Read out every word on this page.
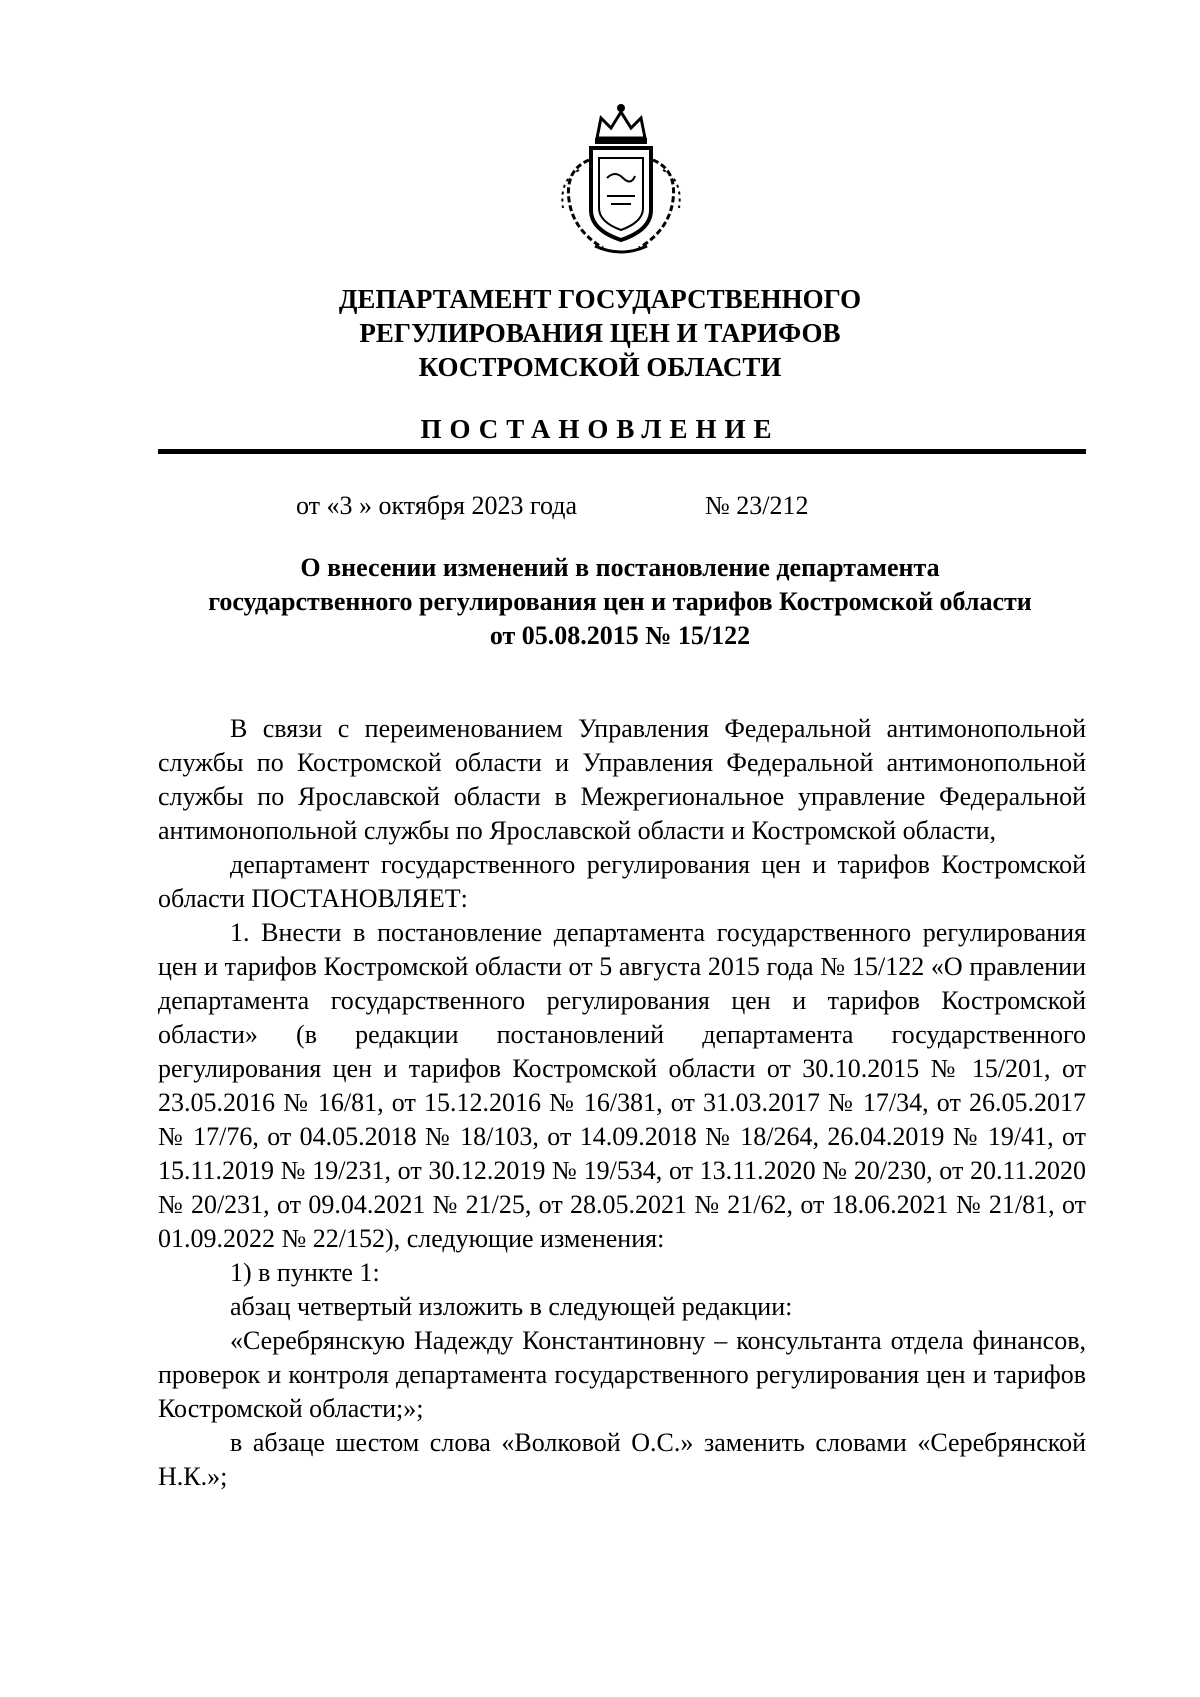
ДЕПАРТАМЕНТ ГОСУДАРСТВЕННОГО
РЕГУЛИРОВАНИЯ ЦЕН И ТАРИФОВ
КОСТРОМСКОЙ ОБЛАСТИ
ПОСТАНОВЛЕНИЕ
от «3 » октября 2023 года	№ 23/212
О внесении изменений в постановление департамента
государственного регулирования цен и тарифов Костромской области
от 05.08.2015 № 15/122

В связи с переименованием Управления Федеральной антимонопольной службы по Костромской области и Управления Федеральной антимонопольной службы по Ярославской области в Межрегиональное управление Федеральной антимонопольной службы по Ярославской области и Костромской области,

департамент государственного регулирования цен и тарифов Костромской области ПОСТАНОВЛЯЕТ:

1. Внести в постановление департамента государственного регулирования цен и тарифов Костромской области от 5 августа 2015 года № 15/122 «О правлении департамента государственного регулирования цен и тарифов Костромской области» (в редакции постановлений департамента государственного регулирования цен и тарифов Костромской области от 30.10.2015 № 15/201, от 23.05.2016 № 16/81, от 15.12.2016 № 16/381, от 31.03.2017 № 17/34, от 26.05.2017 № 17/76, от 04.05.2018 № 18/103, от 14.09.2018 № 18/264, 26.04.2019 № 19/41, от 15.11.2019 № 19/231, от 30.12.2019 № 19/534, от 13.11.2020 № 20/230, от 20.11.2020 № 20/231, от 09.04.2021 № 21/25, от 28.05.2021 № 21/62, от 18.06.2021 № 21/81, от 01.09.2022 № 22/152), следующие изменения:

1) в пункте 1:

абзац четвертый изложить в следующей редакции:

«Серебрянскую Надежду Константиновну – консультанта отдела финансов, проверок и контроля департамента государственного регулирования цен и тарифов Костромской области;»;

в абзаце шестом слова «Волковой О.С.» заменить словами «Серебрянской Н.К.»;
